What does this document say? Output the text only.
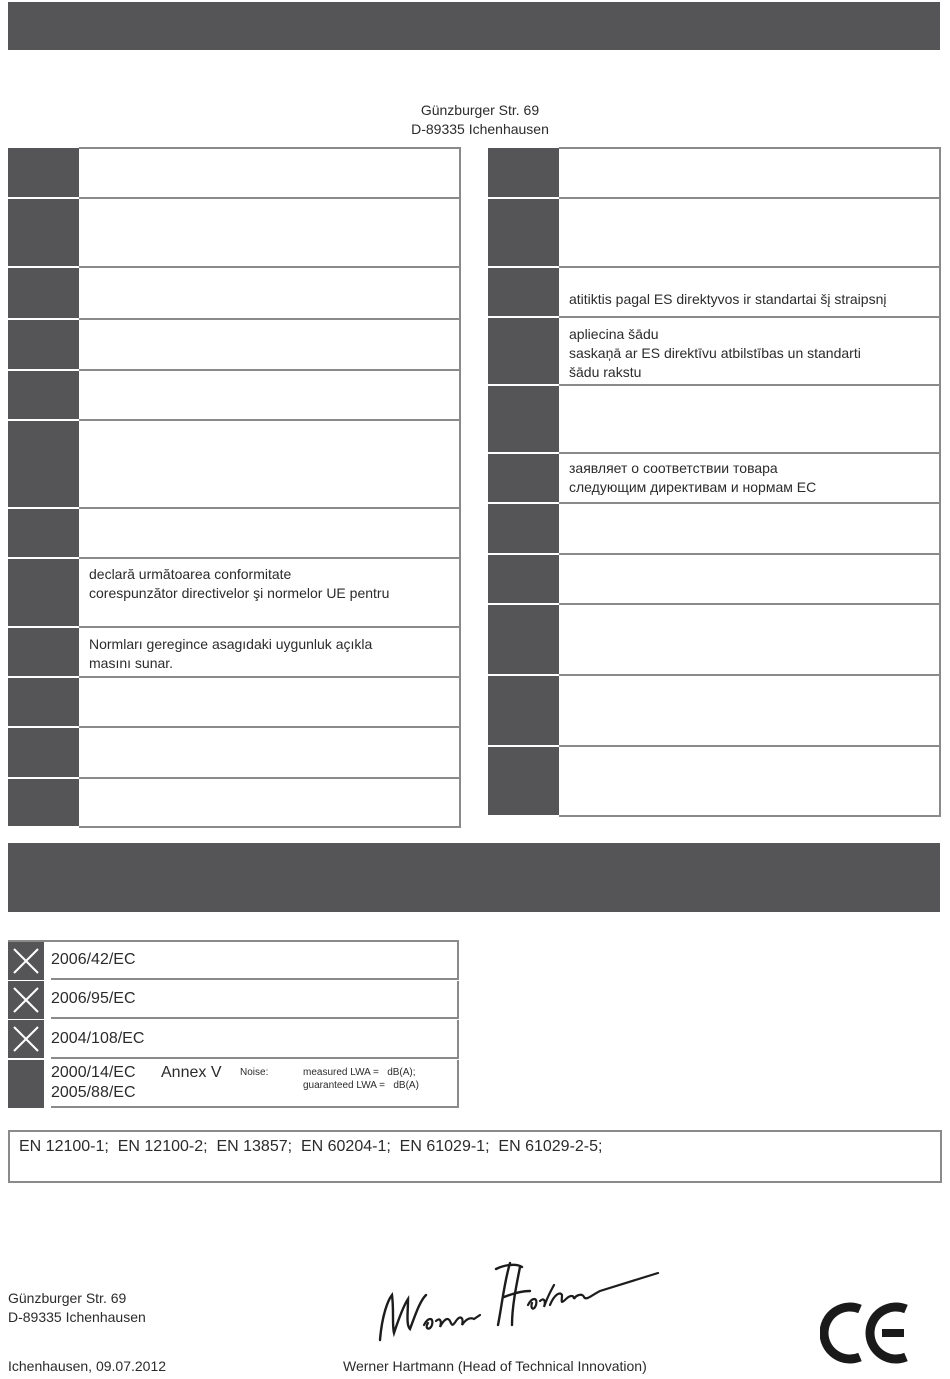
Günzburger Str. 69
D-89335 Ichenhausen

	declară următoarea conformitate
corespunzător directivelor şi normelor UE pentru

	Normları geregince asagıdaki uygunluk açıkla
masını sunar.

	atitiktis pagal ES direktyvos ir standartai šį straipsnį

	apliecina šādu
saskaņā ar ES direktīvu atbilstības un standarti
šādu rakstu

	заявляет о соответствии товара
следующим директивам и нормам ЕС

2006/42/EC
2006/95/EC
2004/108/EC
2000/14/EC Annex V
2005/88/EC
Noise:	measured LWA =   dB(A);
guaranteed LWA =   dB(A)
EN 12100-1;  EN 12100-2;  EN 13857;  EN 60204-1;  EN 61029-1;  EN 61029-2-5;
Günzburger Str. 69
D-89335 Ichenhausen
Ichenhausen, 09.07.2012	Werner Hartmann (Head of Technical Innovation)
